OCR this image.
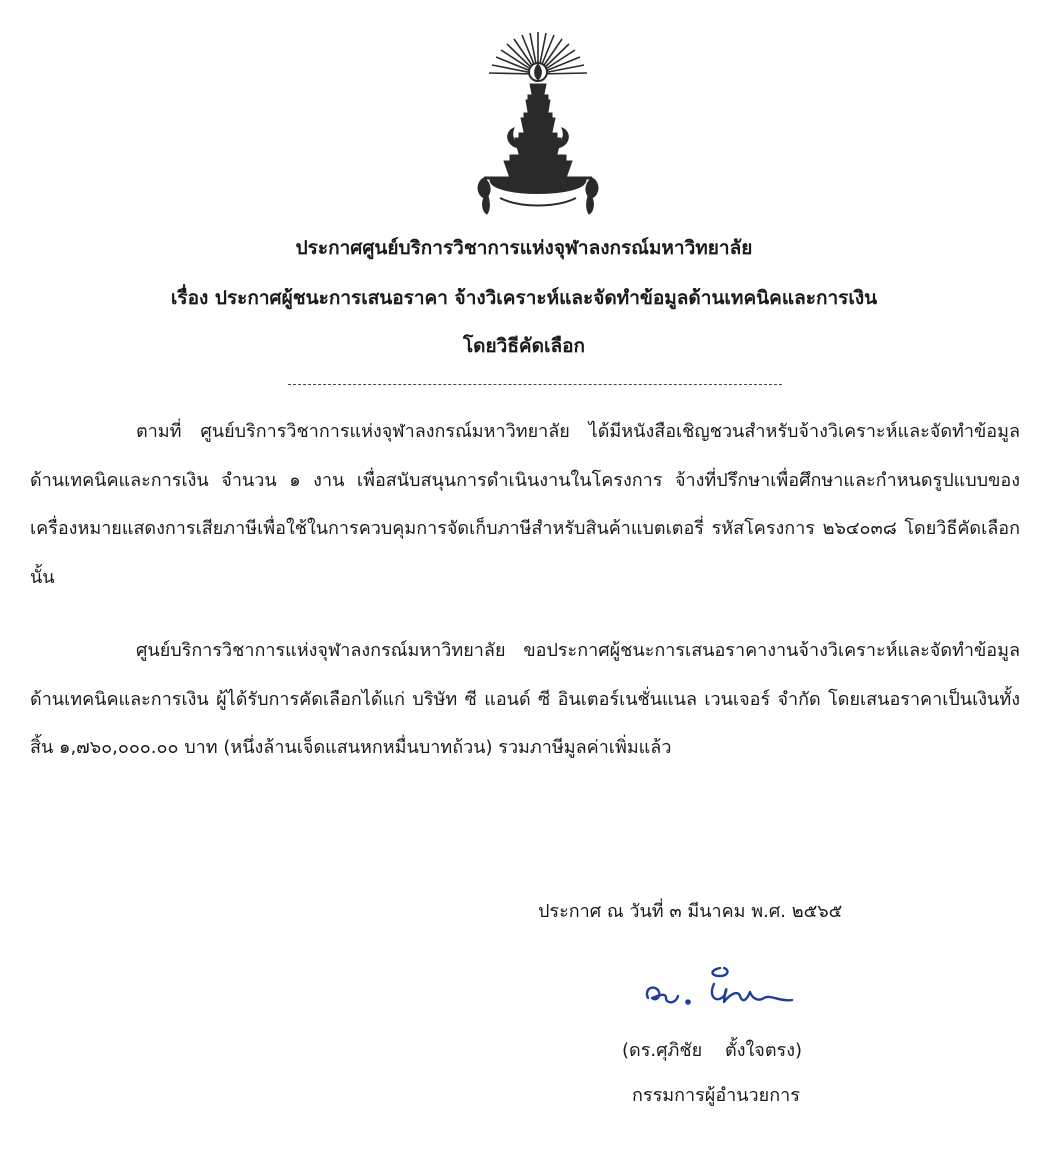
ประกาศศูนย์บริการวิชาการแห่งจุฬาลงกรณ์มหาวิทยาลัย
เรื่อง ประกาศผู้ชนะการเสนอราคา จ้างวิเคราะห์และจัดทำข้อมูลด้านเทคนิคและการเงิน
โดยวิธีคัดเลือก

ตามที่ ศูนย์บริการวิชาการแห่งจุฬาลงกรณ์มหาวิทยาลัย ได้มีหนังสือเชิญชวนสำหรับจ้างวิเคราะห์และจัดทำข้อมูลด้านเทคนิคและการเงิน จำนวน ๑ งาน เพื่อสนับสนุนการดำเนินงานในโครงการ จ้างที่ปรึกษาเพื่อศึกษาและกำหนดรูปแบบของเครื่องหมายแสดงการเสียภาษีเพื่อใช้ในการควบคุมการจัดเก็บภาษีสำหรับสินค้าแบตเตอรี่ รหัสโครงการ ๒๖๔๐๓๘ โดยวิธีคัดเลือก นั้น

ศูนย์บริการวิชาการแห่งจุฬาลงกรณ์มหาวิทยาลัย ขอประกาศผู้ชนะการเสนอราคางานจ้างวิเคราะห์และจัดทำข้อมูลด้านเทคนิคและการเงิน ผู้ได้รับการคัดเลือกได้แก่ บริษัท ซี แอนด์ ซี อินเตอร์เนชั่นแนล เวนเจอร์ จำกัด โดยเสนอราคาเป็นเงินทั้งสิ้น ๑,๗๖๐,๐๐๐.๐๐ บาท (หนึ่งล้านเจ็ดแสนหกหมื่นบาทถ้วน) รวมภาษีมูลค่าเพิ่มแล้ว

ประกาศ ณ วันที่ ๓ มีนาคม พ.ศ. ๒๕๖๕
(ดร.ศุภิชัย    ตั้งใจตรง)
กรรมการผู้อำนวยการ
